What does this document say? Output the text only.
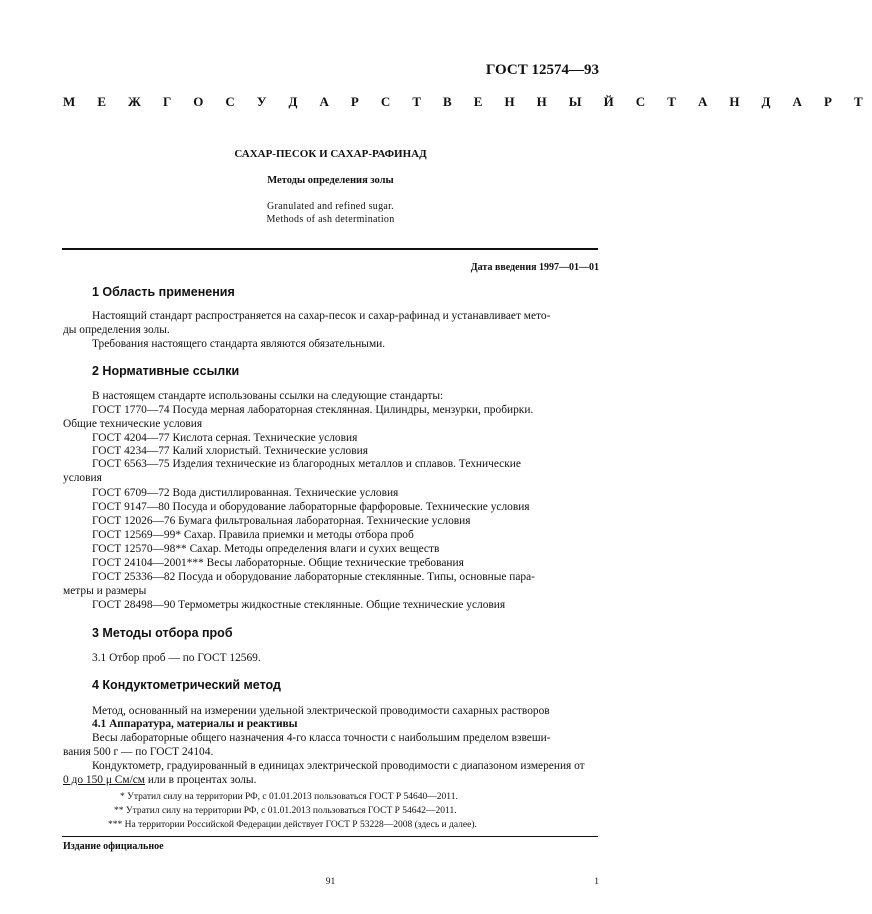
ГОСТ 12574—93
М Е Ж Г О С У Д А Р С Т В Е Н Н Ы Й С Т А Н Д А Р Т
САХАР-ПЕСОК И САХАР-РАФИНАД
Методы определения золы
Granulated and refined sugar.
Methods of ash determination
Дата введения 1997—01—01
1 Область применения
Настоящий стандарт распространяется на сахар-песок и сахар-рафинад и устанавливает мето-
ды определения золы.
Требования настоящего стандарта являются обязательными.
2 Нормативные ссылки
В настоящем стандарте использованы ссылки на следующие стандарты:
ГОСТ 1770—74 Посуда мерная лабораторная стеклянная. Цилиндры, мензурки, пробирки.
Общие технические условия
ГОСТ 4204—77 Кислота серная. Технические условия
ГОСТ 4234—77 Калий хлористый. Технические условия
ГОСТ 6563—75 Изделия технические из благородных металлов и сплавов. Технические
условия
ГОСТ 6709—72 Вода дистиллированная. Технические условия
ГОСТ 9147—80 Посуда и оборудование лабораторные фарфоровые. Технические условия
ГОСТ 12026—76 Бумага фильтровальная лабораторная. Технические условия
ГОСТ 12569—99* Сахар. Правила приемки и методы отбора проб
ГОСТ 12570—98** Сахар. Методы определения влаги и сухих веществ
ГОСТ 24104—2001*** Весы лабораторные. Общие технические требования
ГОСТ 25336—82 Посуда и оборудование лабораторные стеклянные. Типы, основные пара-
метры и размеры
ГОСТ 28498—90 Термометры жидкостные стеклянные. Общие технические условия
3 Методы отбора проб
3.1 Отбор проб — по ГОСТ 12569.
4 Кондуктометрический метод
Метод, основанный на измерении удельной электрической проводимости сахарных растворов
4.1 Аппаратура, материалы и реактивы
Весы лабораторные общего назначения 4-го класса точности с наибольшим пределом взвеши-
вания 500 г — по ГОСТ 24104.
Кондуктометр, градуированный в единицах электрической проводимости с диапазоном измерения от
0 до 150 μ См/см или в процентах золы.
* Утратил силу на территории РФ, с 01.01.2013 пользоваться ГОСТ Р 54640—2011.
** Утратил силу на территории РФ, с 01.01.2013 пользоваться ГОСТ Р 54642—2011.
*** На территории Российской Федерации действует ГОСТ Р 53228—2008 (здесь и далее).
Издание официальное
91	1
